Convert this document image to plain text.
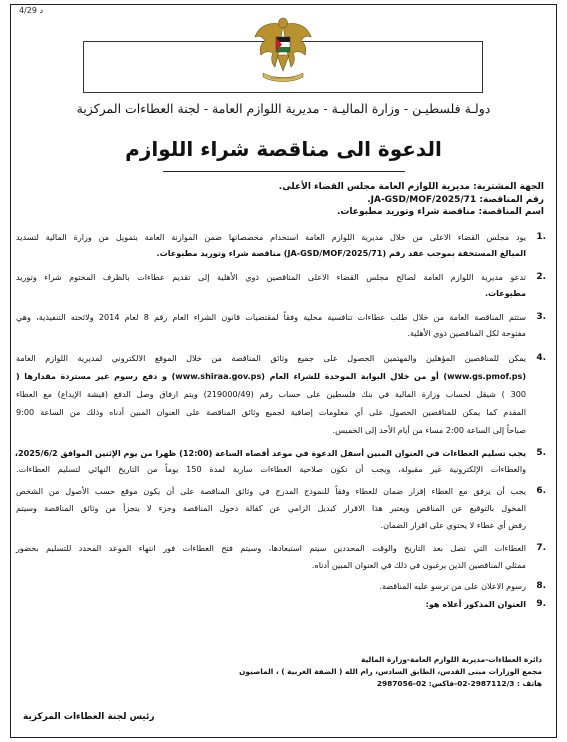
4/29 د
دولـة فلسطيـن - وزارة الماليـة - مديرية اللوازم العامة - لجنة العطاءات المركزية
الدعوة الى مناقصة شراء اللوازم
الجهة المشترية: مديرية اللوازم العامة مجلس القضاء الأعلى.
رقم المناقصة: JA-GSD/MOF/2025/71.
اسم المناقصة: مناقصة شراء وتوريد مطبوعات.
.1
يود مجلس القضاء الاعلى من خلال مديرية اللوازم العامة استخدام مخصصاتها ضمن الموازنة العامة بتمويل من وزارة المالية لتسديد
المبالغ المستحقة بموجب عقد رقم (JA-GSD/MOF/2025/71) مناقصة شراء وتوريد مطبوعات.
.2
تدعو مديرية اللوازم العامة لصالح مجلس القضاء الاعلى المناقصين ذوي الأهلية إلى تقديم عطاءات بالظرف المختوم شراء وتوريد
مطبوعات.
.3
ستتم المناقصة العامة من خلال طلب عطاءات تنافسية محلية وفقاً لمقتضيات قانون الشراء العام رقم 8 لعام 2014 ولائحته التنفيذية، وهي
مفتوحة لكل المناقصين ذوي الأهلية.
.4
يمكن للمناقصين المؤهلين والمهتمين الحصول على جميع وثائق المناقصة من خلال الموقع الالكتروني لمديرية اللوازم العامة
(www.gs.pmof.ps) أو من خلال البوابة الموحدة للشراء العام (www.shiraa.gov.ps) و دفع رسوم غير مستردة مقدارها (
300 ) شيقل لحساب وزارة المالية في بنك فلسطين على حساب رقم (219000/49) ويتم ارفاق وصل الدفع (قيشة الإيداع) مع العطاء
المقدم كما يمكن للمناقصين الحصول على أي معلومات إضافية لجميع وثائق المناقصة على العنوان المبين أدناه وذلك من الساعة 9:00
صباحاً إلى الساعة 2:00 مساء من أيام الأحد إلى الخميس.
.5
يجب تسليم العطاءات في العنوان المبين أسفل الدعوة في موعد أقصاه الساعة (12:00) ظهرا من يوم الإثنين الموافق 2025/6/2،
والعطاءات الإلكترونية غير مقبولة، ويجب أن تكون صلاحية العطاءات سارية لمدة 150 يوماً من التاريخ النهائي لتسليم العطاءات.
.6
يجب أن يرفق مع العطاء إقرار ضمان للعطاء وفقاً للنموذج المدرج في وثائق المناقصة على أن يكون موقع حسب الأصول من الشخص
المخول بالتوقيع عن المناقص ويعتبر هذا الاقرار كبديل الزامي عن كفالة دخول المناقصة وجزء لا يتجزأ من وثائق المناقصة وسيتم
رفض أي عطاء لا يحتوي على اقرار الضمان.
.7
العطاءات التي تصل بعد التاريخ والوقت المحددين سيتم استبعادها، وسيتم فتح العطاءات فور انتهاء الموعد المحدد للتسليم بحضور
ممثلي المناقصين الذين يرغبون في ذلك في العنوان المبين أدناه.
.8
رسوم الاعلان على من ترسو عليه المناقصة.
.9
العنوان المذكور أعلاه هو:
دائرة العطاءات-مديرية اللوازم العامة-وزارة المالية
مجمع الوزارات مبنى القدس، الطابق السادس، رام الله ( الضفة الغربية ) ، الماصيون
هاتف : 2987112/3-02-فاكس: 02-2987056
رئيس لجنة العطاءات المركزية
